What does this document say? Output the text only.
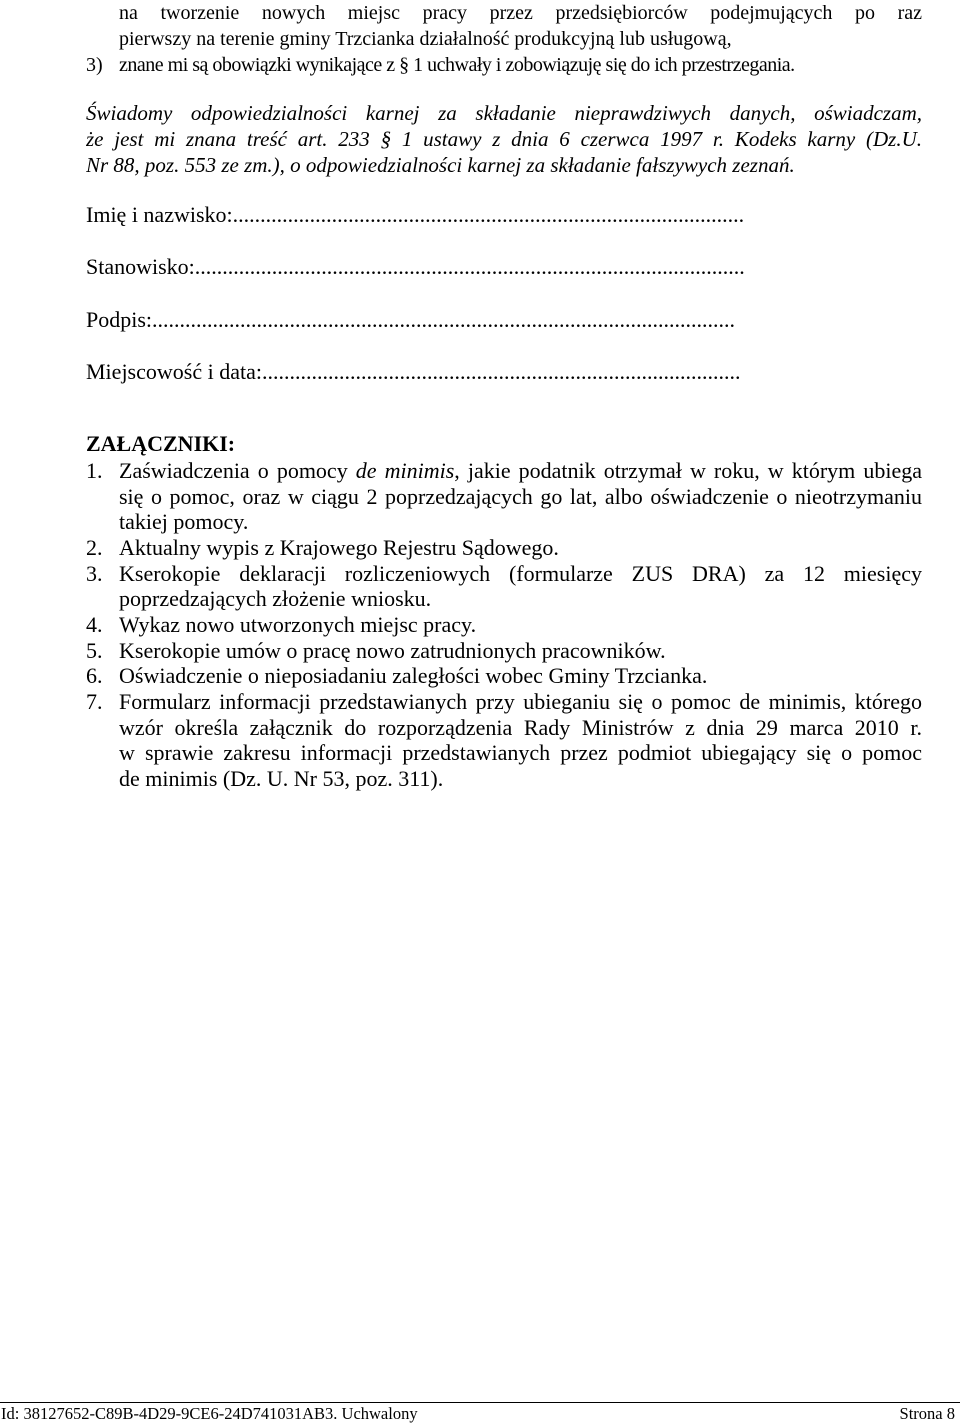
na tworzenie nowych miejsc pracy przez przedsiębiorców podejmujących po raz
pierwszy na terenie gminy Trzcianka działalność produkcyjną lub usługową,
3) znane mi są obowiązki wynikające z § 1 uchwały i zobowiązuję się do ich przestrzegania.
Świadomy odpowiedzialności karnej za składanie nieprawdziwych danych, oświadczam,
że jest mi znana treść art. 233 § 1 ustawy z dnia 6 czerwca 1997 r. Kodeks karny (Dz.U.
Nr 88, poz. 553 ze zm.), o odpowiedzialności karnej za składanie fałszywych zeznań.
Imię i nazwisko:.............................................................................................
Stanowisko:....................................................................................................
Podpis:..........................................................................................................
Miejscowość i data:.......................................................................................
ZAŁĄCZNIKI:
1. Zaświadczenia o pomocy de minimis, jakie podatnik otrzymał w roku, w którym ubiega
się o pomoc, oraz w ciągu 2 poprzedzających go lat, albo oświadczenie o nieotrzymaniu
takiej pomocy.
2. Aktualny wypis z Krajowego Rejestru Sądowego.
3. Kserokopie deklaracji rozliczeniowych (formularze ZUS DRA) za 12 miesięcy
poprzedzających złożenie wniosku.
4. Wykaz nowo utworzonych miejsc pracy.
5. Kserokopie umów o pracę nowo zatrudnionych pracowników.
6. Oświadczenie o nieposiadaniu zaległości wobec Gminy Trzcianka.
7. Formularz informacji przedstawianych przy ubieganiu się o pomoc de minimis, którego
wzór określa załącznik do rozporządzenia Rady Ministrów z dnia 29 marca 2010 r.
w sprawie zakresu informacji przedstawianych przez podmiot ubiegający się o pomoc
de minimis (Dz. U. Nr 53, poz. 311).
Id: 38127652-C89B-4D29-9CE6-24D741031AB3. Uchwalony	Strona 8
